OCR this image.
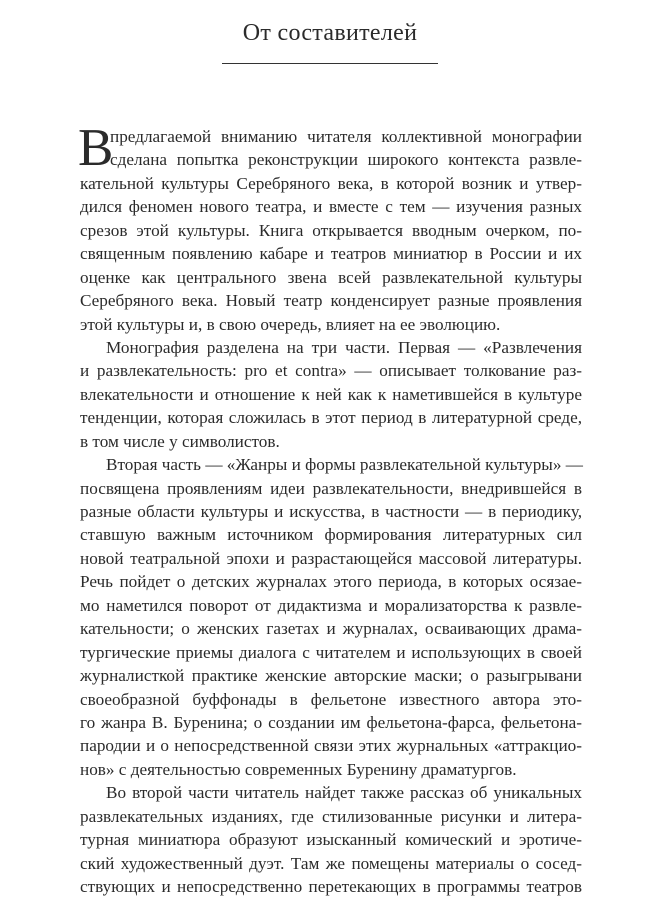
От составителей
В
предлагаемой вниманию читателя коллективной монографии
сделана попытка реконструкции широкого контекста развле-
кательной культуры Серебряного века, в которой возник и утвер-
дился феномен нового театра, и вместе с тем — изучения разных
срезов этой культуры. Книга открывается вводным очерком, по-
священным появлению кабаре и театров миниатюр в России и их
оценке как центрального звена всей развлекательной культуры
Серебряного века. Новый театр конденсирует разные проявления
этой культуры и, в свою очередь, влияет на ее эволюцию.
Монография разделена на три части. Первая — «Развлечения
и развлекательность: pro et contra» — описывает толкование раз-
влекательности и отношение к ней как к наметившейся в культуре
тенденции, которая сложилась в этот период в литературной среде,
в том числе у символистов.
Вторая часть — «Жанры и формы развлекательной культуры» —
посвящена проявлениям идеи развлекательности, внедрившейся в
разные области культуры и искусства, в частности — в периодику,
ставшую важным источником формирования литературных сил
новой театральной эпохи и разрастающейся массовой литературы.
Речь пойдет о детских журналах этого периода, в которых осязае-
мо наметился поворот от дидактизма и морализаторства к развле-
кательности; о женских газетах и журналах, осваивающих драма-
тургические приемы диалога с читателем и использующих в своей
журналисткой практике женские авторские маски; о разыгрывани
своеобразной буффонады в фельетоне известного автора это-
го жанра В. Буренина; о создании им фельетона-фарса, фельетона-
пародии и о непосредственной связи этих журнальных «аттракцио-
нов» с деятельностью современных Буренину драматургов.
Во второй части читатель найдет также рассказ об уникальных
развлекательных изданиях, где стилизованные рисунки и литера-
турная миниатюра образуют изысканный комический и эротиче-
ский художественный дуэт. Там же помещены материалы о сосед-
ствующих и непосредственно перетекающих в программы театров
